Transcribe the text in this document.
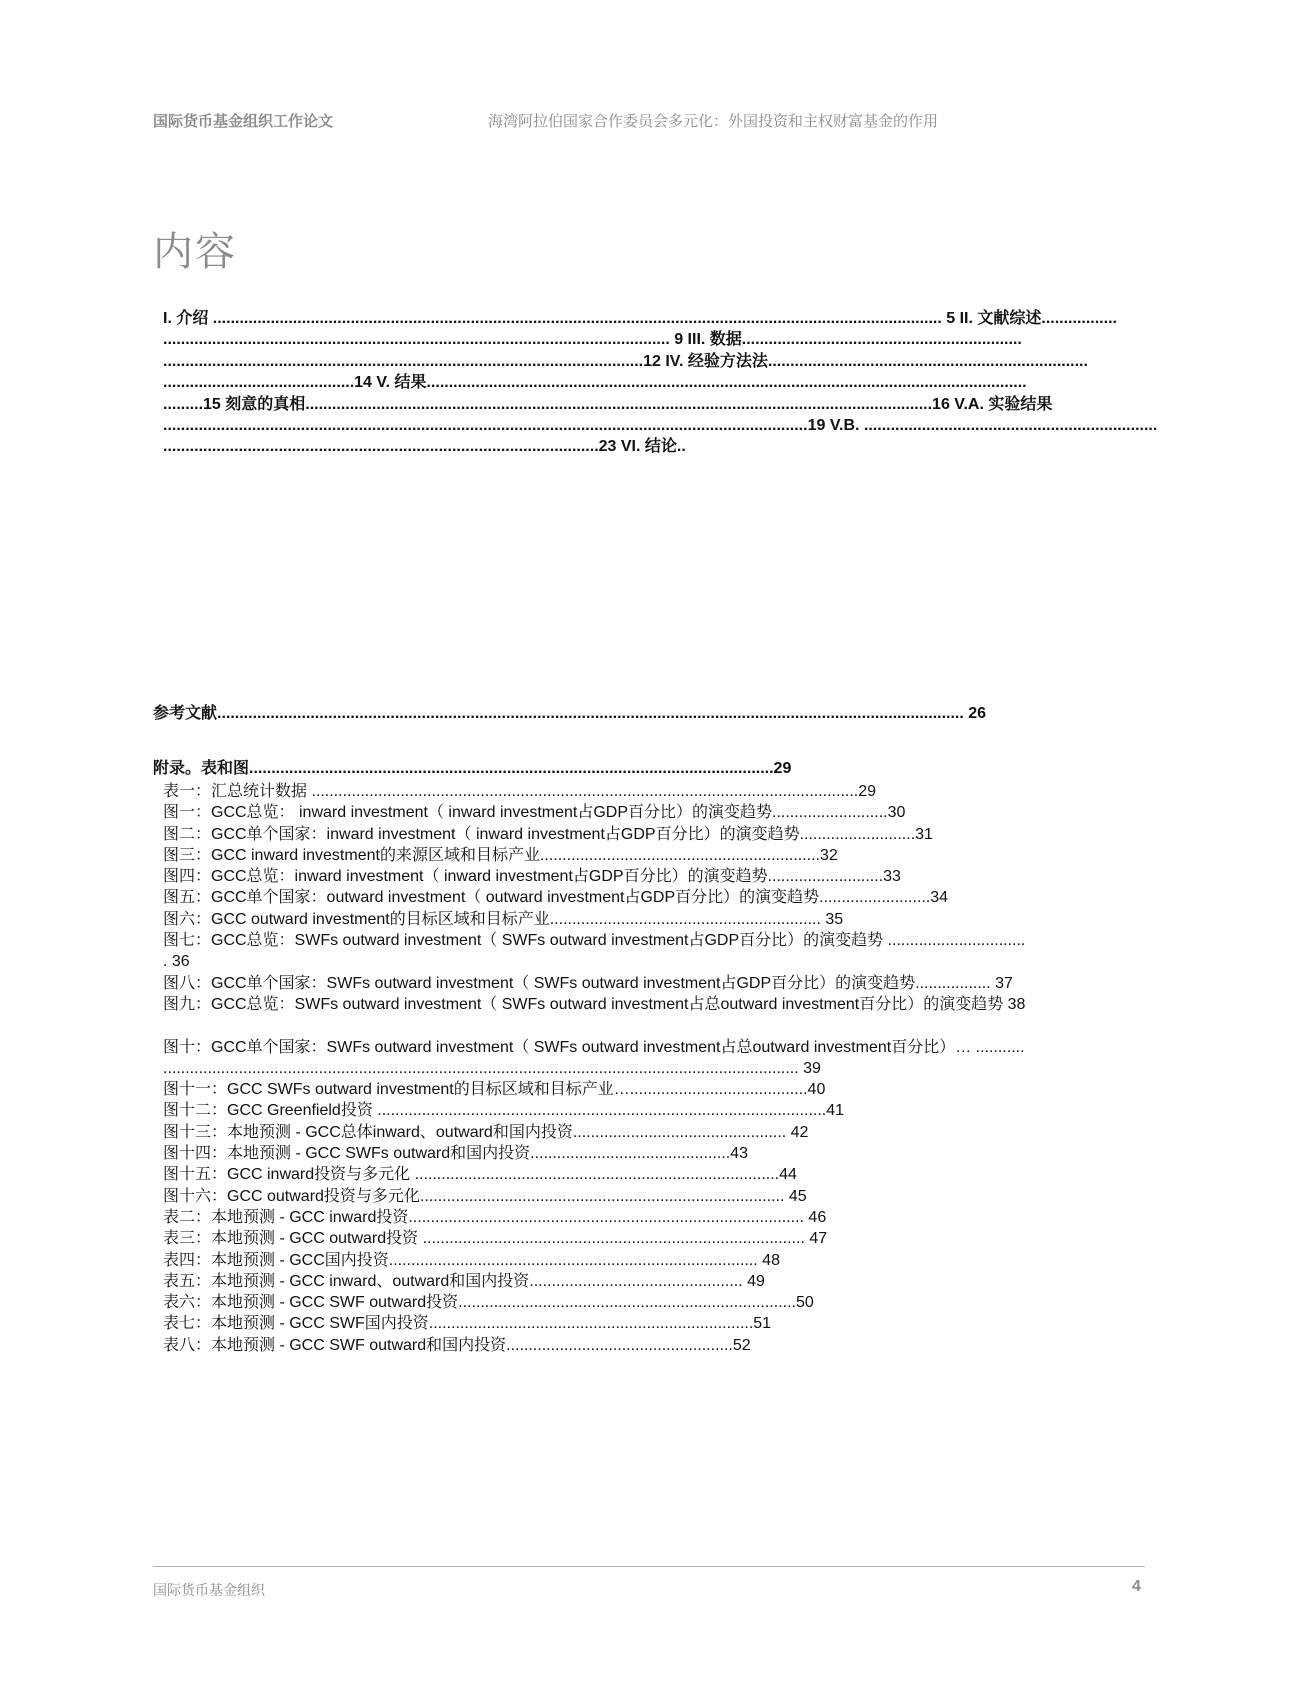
国际货币基金组织工作论文	海湾阿拉伯国家合作委员会多元化：外国投资和主权财富基金的作用
内容
I. 介绍 .................................................................................................................................................................... 5 II. 文献综述.................
.................................................................................................................. 9 III. 数据...............................................................
............................................................................................................12 IV. 经验方法法........................................................................
...........................................14 V. 结果.......................................................................................................................................
.........15 刻意的真相.............................................................................................................................................16 V.A. 实验结果
.................................................................................................................................................19 V.B. ..................................................................
..................................................................................................23 VI. 结论..
参考文献........................................................................................................................................................................ 26
附录。表和图......................................................................................................................29
表一：汇总统计数据 ...........................................................................................................................29
图一：GCC总览： inward investment（ inward investment占GDP百分比）的演变趋势..........................30
图二：GCC单个国家：inward investment（ inward investment占GDP百分比）的演变趋势..........................31
图三：GCC inward investment的来源区域和目标产业...............................................................32
图四：GCC总览：inward investment（ inward investment占GDP百分比）的演变趋势..........................33
图五：GCC单个国家：outward investment（ outward investment占GDP百分比）的演变趋势.........................34
图六：GCC outward investment的目标区域和目标产业............................................................. 35
图七：GCC总览：SWFs outward investment（ SWFs outward investment占GDP百分比）的演变趋势 ...............................
. 36
图八：GCC单个国家：SWFs outward investment（ SWFs outward investment占GDP百分比）的演变趋势................. 37
图九：GCC总览：SWFs outward investment（ SWFs outward investment占总outward investment百分比）的演变趋势 38
图十：GCC单个国家：SWFs outward investment（ SWFs outward investment占总outward investment百分比）… ...........
............................................................................................................................................... 39
图十一：GCC SWFs outward investment的目标区域和目标产业…........................................40
图十二：GCC Greenfield投资 .....................................................................................................41
图十三：本地预测 - GCC总体inward、outward和国内投资................................................ 42
图十四：本地预测 - GCC SWFs outward和国内投资.............................................43
图十五：GCC inward投资与多元化 ..................................................................................44
图十六：GCC outward投资与多元化.................................................................................. 45
表二：本地预测 - GCC inward投资......................................................................................... 46
表三：本地预测 - GCC outward投资 ...................................................................................... 47
表四：本地预测 - GCC国内投资................................................................................... 48
表五：本地预测 - GCC inward、outward和国内投资................................................ 49
表六：本地预测 - GCC SWF outward投资............................................................................50
表七：本地预测 - GCC SWF国内投资.........................................................................51
表八：本地预测 - GCC SWF outward和国内投资...................................................52
国际货币基金组织	4
